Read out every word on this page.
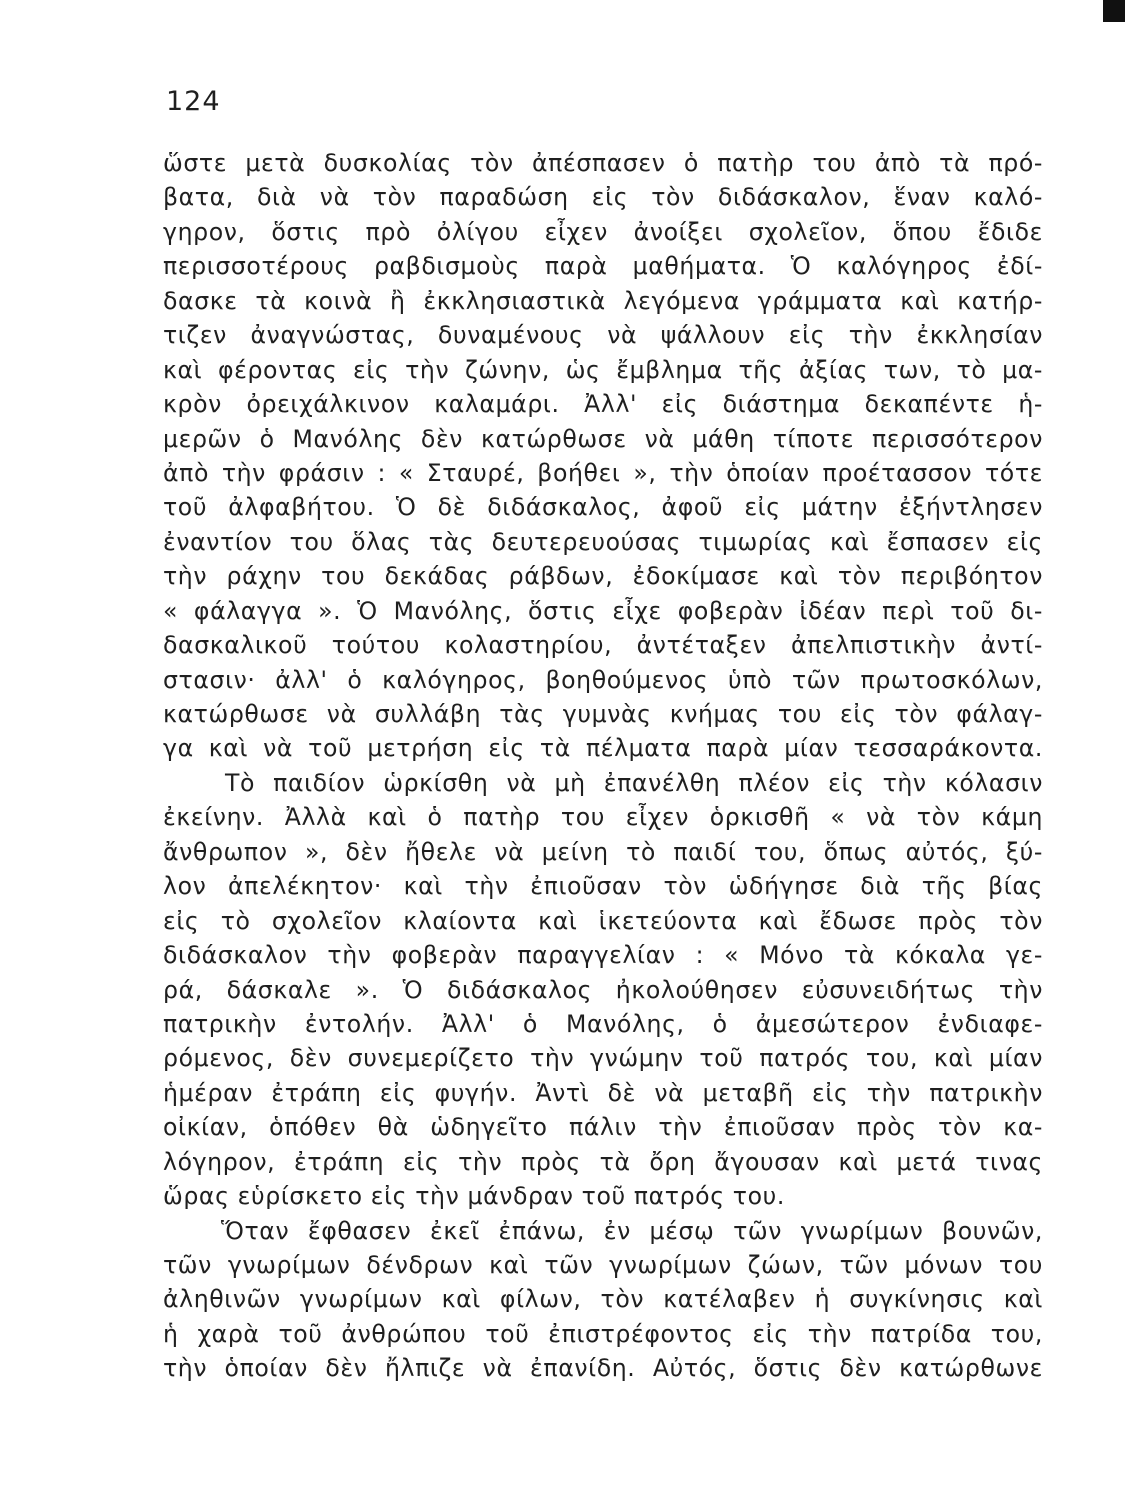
124
ὥστε μετὰ δυσκολίας τὸν ἀπέσπασεν ὁ πατὴρ του ἀπὸ τὰ πρό-
βατα, διὰ νὰ τὸν παραδώση εἰς τὸν διδάσκαλον, ἕναν καλό-
γηρον, ὅστις πρὸ ὀλίγου εἶχεν ἀνοίξει σχολεῖον, ὅπου ἔδιδε
περισσοτέρους ραβδισμοὺς παρὰ μαθήματα. Ὁ καλόγηρος ἐδί-
δασκε τὰ κοινὰ ἢ ἐκκλησιαστικὰ λεγόμενα γράμματα καὶ κατήρ-
τιζεν ἀναγνώστας, δυναμένους νὰ ψάλλουν εἰς τὴν ἐκκλησίαν
καὶ φέροντας εἰς τὴν ζώνην, ὡς ἔμβλημα τῆς ἀξίας των, τὸ μα-
κρὸν ὀρειχάλκινον καλαμάρι. Ἀλλ' εἰς διάστημα δεκαπέντε ἡ-
μερῶν ὁ Μανόλης δὲν κατώρθωσε νὰ μάθη τίποτε περισσότερον
ἀπὸ τὴν φράσιν : « Σταυρέ, βοήθει », τὴν ὁποίαν προέτασσον τότε
τοῦ ἀλφαβήτου. Ὁ δὲ διδάσκαλος, ἀφοῦ εἰς μάτην ἐξήντλησεν
ἐναντίον του ὅλας τὰς δευτερευούσας τιμωρίας καὶ ἔσπασεν εἰς
τὴν ράχην του δεκάδας ράβδων, ἐδοκίμασε καὶ τὸν περιβόητον
« φάλαγγα ». Ὁ Μανόλης, ὅστις εἶχε φοβερὰν ἰδέαν περὶ τοῦ δι-
δασκαλικοῦ τούτου κολαστηρίου, ἀντέταξεν ἀπελπιστικὴν ἀντί-
στασιν· ἀλλ' ὁ καλόγηρος, βοηθούμενος ὑπὸ τῶν πρωτοσκόλων,
κατώρθωσε νὰ συλλάβη τὰς γυμνὰς κνήμας του εἰς τὸν φάλαγ-
γα καὶ νὰ τοῦ μετρήση εἰς τὰ πέλματα παρὰ μίαν τεσσαράκοντα.
Τὸ παιδίον ὡρκίσθη νὰ μὴ ἐπανέλθη πλέον εἰς τὴν κόλασιν
ἐκείνην. Ἀλλὰ καὶ ὁ πατὴρ του εἶχεν ὁρκισθῆ « νὰ τὸν κάμη
ἄνθρωπον », δὲν ἤθελε νὰ μείνη τὸ παιδί του, ὅπως αὐτός, ξύ-
λον ἀπελέκητον· καὶ τὴν ἐπιοῦσαν τὸν ὡδήγησε διὰ τῆς βίας
εἰς τὸ σχολεῖον κλαίοντα καὶ ἱκετεύοντα καὶ ἔδωσε πρὸς τὸν
διδάσκαλον τὴν φοβερὰν παραγγελίαν : « Μόνο τὰ κόκαλα γε-
ρά, δάσκαλε ». Ὁ διδάσκαλος ἠκολούθησεν εὐσυνειδήτως τὴν
πατρικὴν ἐντολήν. Ἀλλ' ὁ Μανόλης, ὁ ἀμεσώτερον ἐνδιαφε-
ρόμενος, δὲν συνεμερίζετο τὴν γνώμην τοῦ πατρός του, καὶ μίαν
ἡμέραν ἐτράπη εἰς φυγήν. Ἀντὶ δὲ νὰ μεταβῆ εἰς τὴν πατρικὴν
οἰκίαν, ὁπόθεν θὰ ὡδηγεῖτο πάλιν τὴν ἐπιοῦσαν πρὸς τὸν κα-
λόγηρον, ἐτράπη εἰς τὴν πρὸς τὰ ὄρη ἄγουσαν καὶ μετά τινας
ὥρας εὑρίσκετο εἰς τὴν μάνδραν τοῦ πατρός του.
Ὅταν ἔφθασεν ἐκεῖ ἐπάνω, ἐν μέσῳ τῶν γνωρίμων βουνῶν,
τῶν γνωρίμων δένδρων καὶ τῶν γνωρίμων ζώων, τῶν μόνων του
ἀληθινῶν γνωρίμων καὶ φίλων, τὸν κατέλαβεν ἡ συγκίνησις καὶ
ἡ χαρὰ τοῦ ἀνθρώπου τοῦ ἐπιστρέφοντος εἰς τὴν πατρίδα του,
τὴν ὁποίαν δὲν ἤλπιζε νὰ ἐπανίδη. Αὐτός, ὅστις δὲν κατώρθωνε
